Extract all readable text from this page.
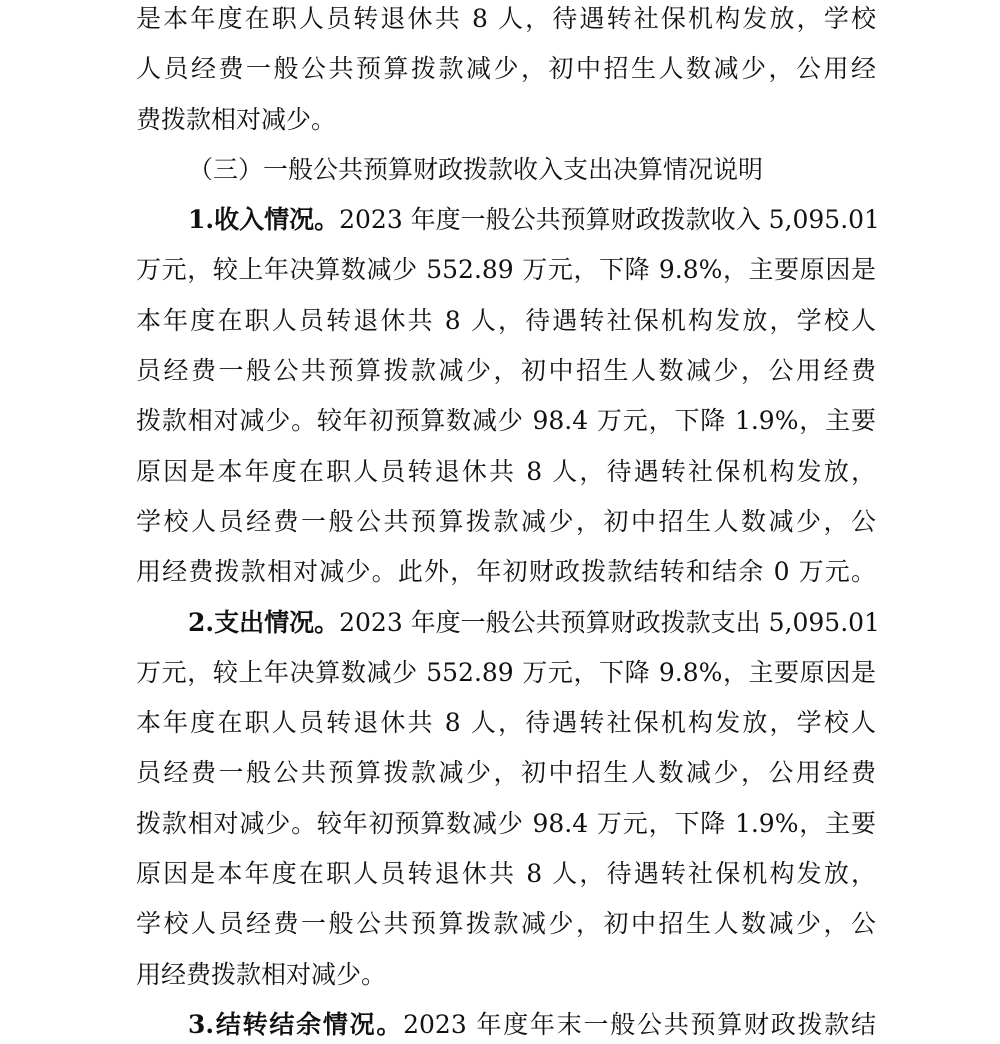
是本年度在职人员转退休共 8 人，待遇转社保机构发放，学校
人员经费一般公共预算拨款减少，初中招生人数减少，公用经
费拨款相对减少。
（三）一般公共预算财政拨款收入支出决算情况说明
1.收入情况。2023 年度一般公共预算财政拨款收入 5,095.01
万元，较上年决算数减少 552.89 万元，下降 9.8%，主要原因是
本年度在职人员转退休共 8 人，待遇转社保机构发放，学校人
员经费一般公共预算拨款减少，初中招生人数减少，公用经费
拨款相对减少。较年初预算数减少 98.4 万元，下降 1.9%，主要
原因是本年度在职人员转退休共 8 人，待遇转社保机构发放，
学校人员经费一般公共预算拨款减少，初中招生人数减少，公
用经费拨款相对减少。此外，年初财政拨款结转和结余 0 万元。
2.支出情况。2023 年度一般公共预算财政拨款支出 5,095.01
万元，较上年决算数减少 552.89 万元，下降 9.8%，主要原因是
本年度在职人员转退休共 8 人，待遇转社保机构发放，学校人
员经费一般公共预算拨款减少，初中招生人数减少，公用经费
拨款相对减少。较年初预算数减少 98.4 万元，下降 1.9%，主要
原因是本年度在职人员转退休共 8 人，待遇转社保机构发放，
学校人员经费一般公共预算拨款减少，初中招生人数减少，公
用经费拨款相对减少。
3.结转结余情况。2023 年度年末一般公共预算财政拨款结
